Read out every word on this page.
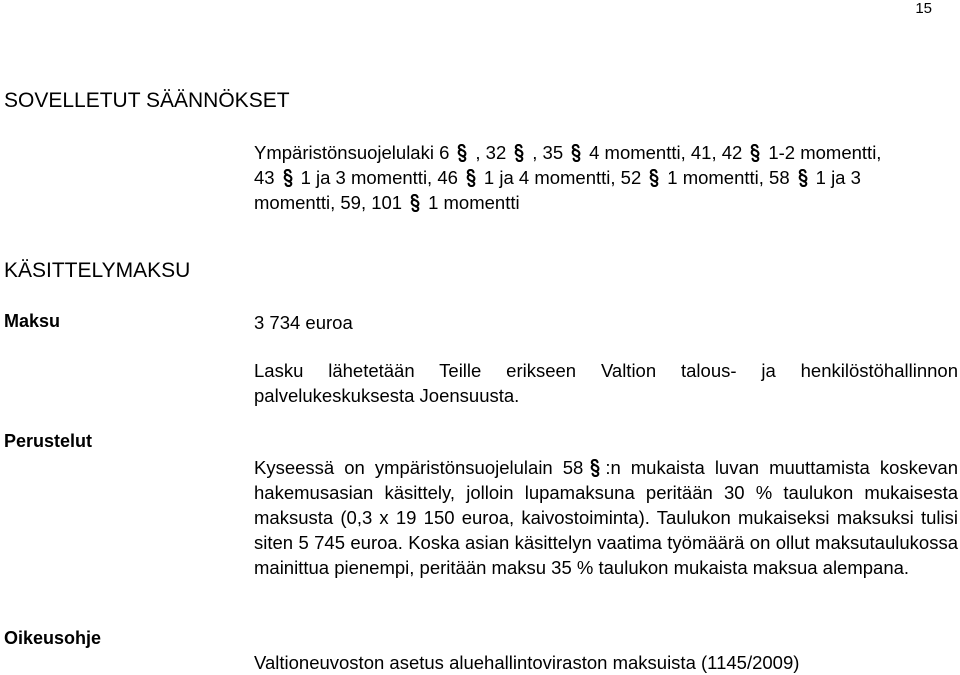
15
SOVELLETUT SÄÄNNÖKSET
Ympäristönsuojelulaki 6 , 32 , 35 4 momentti, 41, 42 1-2 momentti,
43 1 ja 3 momentti, 46 1 ja 4 momentti, 52 1 momentti, 58 1 ja 3
momentti, 59, 101 1 momentti
KÄSITTELYMAKSU
Maksu	3 734 euroa
Lasku lähetetään Teille erikseen Valtion talous- ja henkilöstöhallinnon palvelukeskuksesta Joensuusta.
Perustelut
Kyseessä on ympäristönsuojelulain 58 :n mukaista luvan muuttamista koskevan hakemusasian käsittely, jolloin lupamaksuna peritään 30 % taulukon mukaisesta maksusta (0,3 x 19 150 euroa, kaivostoiminta). Taulukon mukaiseksi maksuksi tulisi siten 5 745 euroa. Koska asian käsittelyn vaatima työmäärä on ollut maksutaulukossa mainittua pienempi, peritään maksu 35 % taulukon mukaista maksua alempana.
Oikeusohje
Valtioneuvoston asetus aluehallintoviraston maksuista (1145/2009)
